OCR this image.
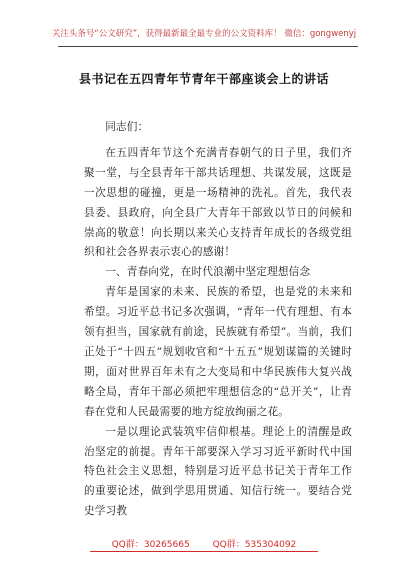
关注头条号“公文研究”，获得最新最全最专业的公文资料库！ 微信：gongwenyj
县书记在五四青年节青年干部座谈会上的讲话

同志们：

在五四青年节这个充满青春朝气的日子里，我们齐聚一堂，与全县青年干部共话理想、共谋发展，这既是一次思想的碰撞，更是一场精神的洗礼。首先，我代表县委、县政府，向全县广大青年干部致以节日的问候和崇高的敬意！向长期以来关心支持青年成长的各级党组织和社会各界表示衷心的感谢！

一、青春向党，在时代浪潮中坚定理想信念

青年是国家的未来、民族的希望，也是党的未来和希望。习近平总书记多次强调，“青年一代有理想、有本领有担当，国家就有前途，民族就有希望”。当前，我们正处于“十四五”规划收官和“十五五”规划谋篇的关键时期，面对世界百年未有之大变局和中华民族伟大复兴战略全局，青年干部必须把牢理想信念的“总开关”，让青春在党和人民最需要的地方绽放绚丽之花。

一是以理论武装筑牢信仰根基。理论上的清醒是政治坚定的前提。青年干部要深入学习习近平新时代中国特色社会主义思想，特别是习近平总书记关于青年工作的重要论述，做到学思用贯通、知信行统一。要结合党史学习教

QQ群：30265665	QQ群：535304092
